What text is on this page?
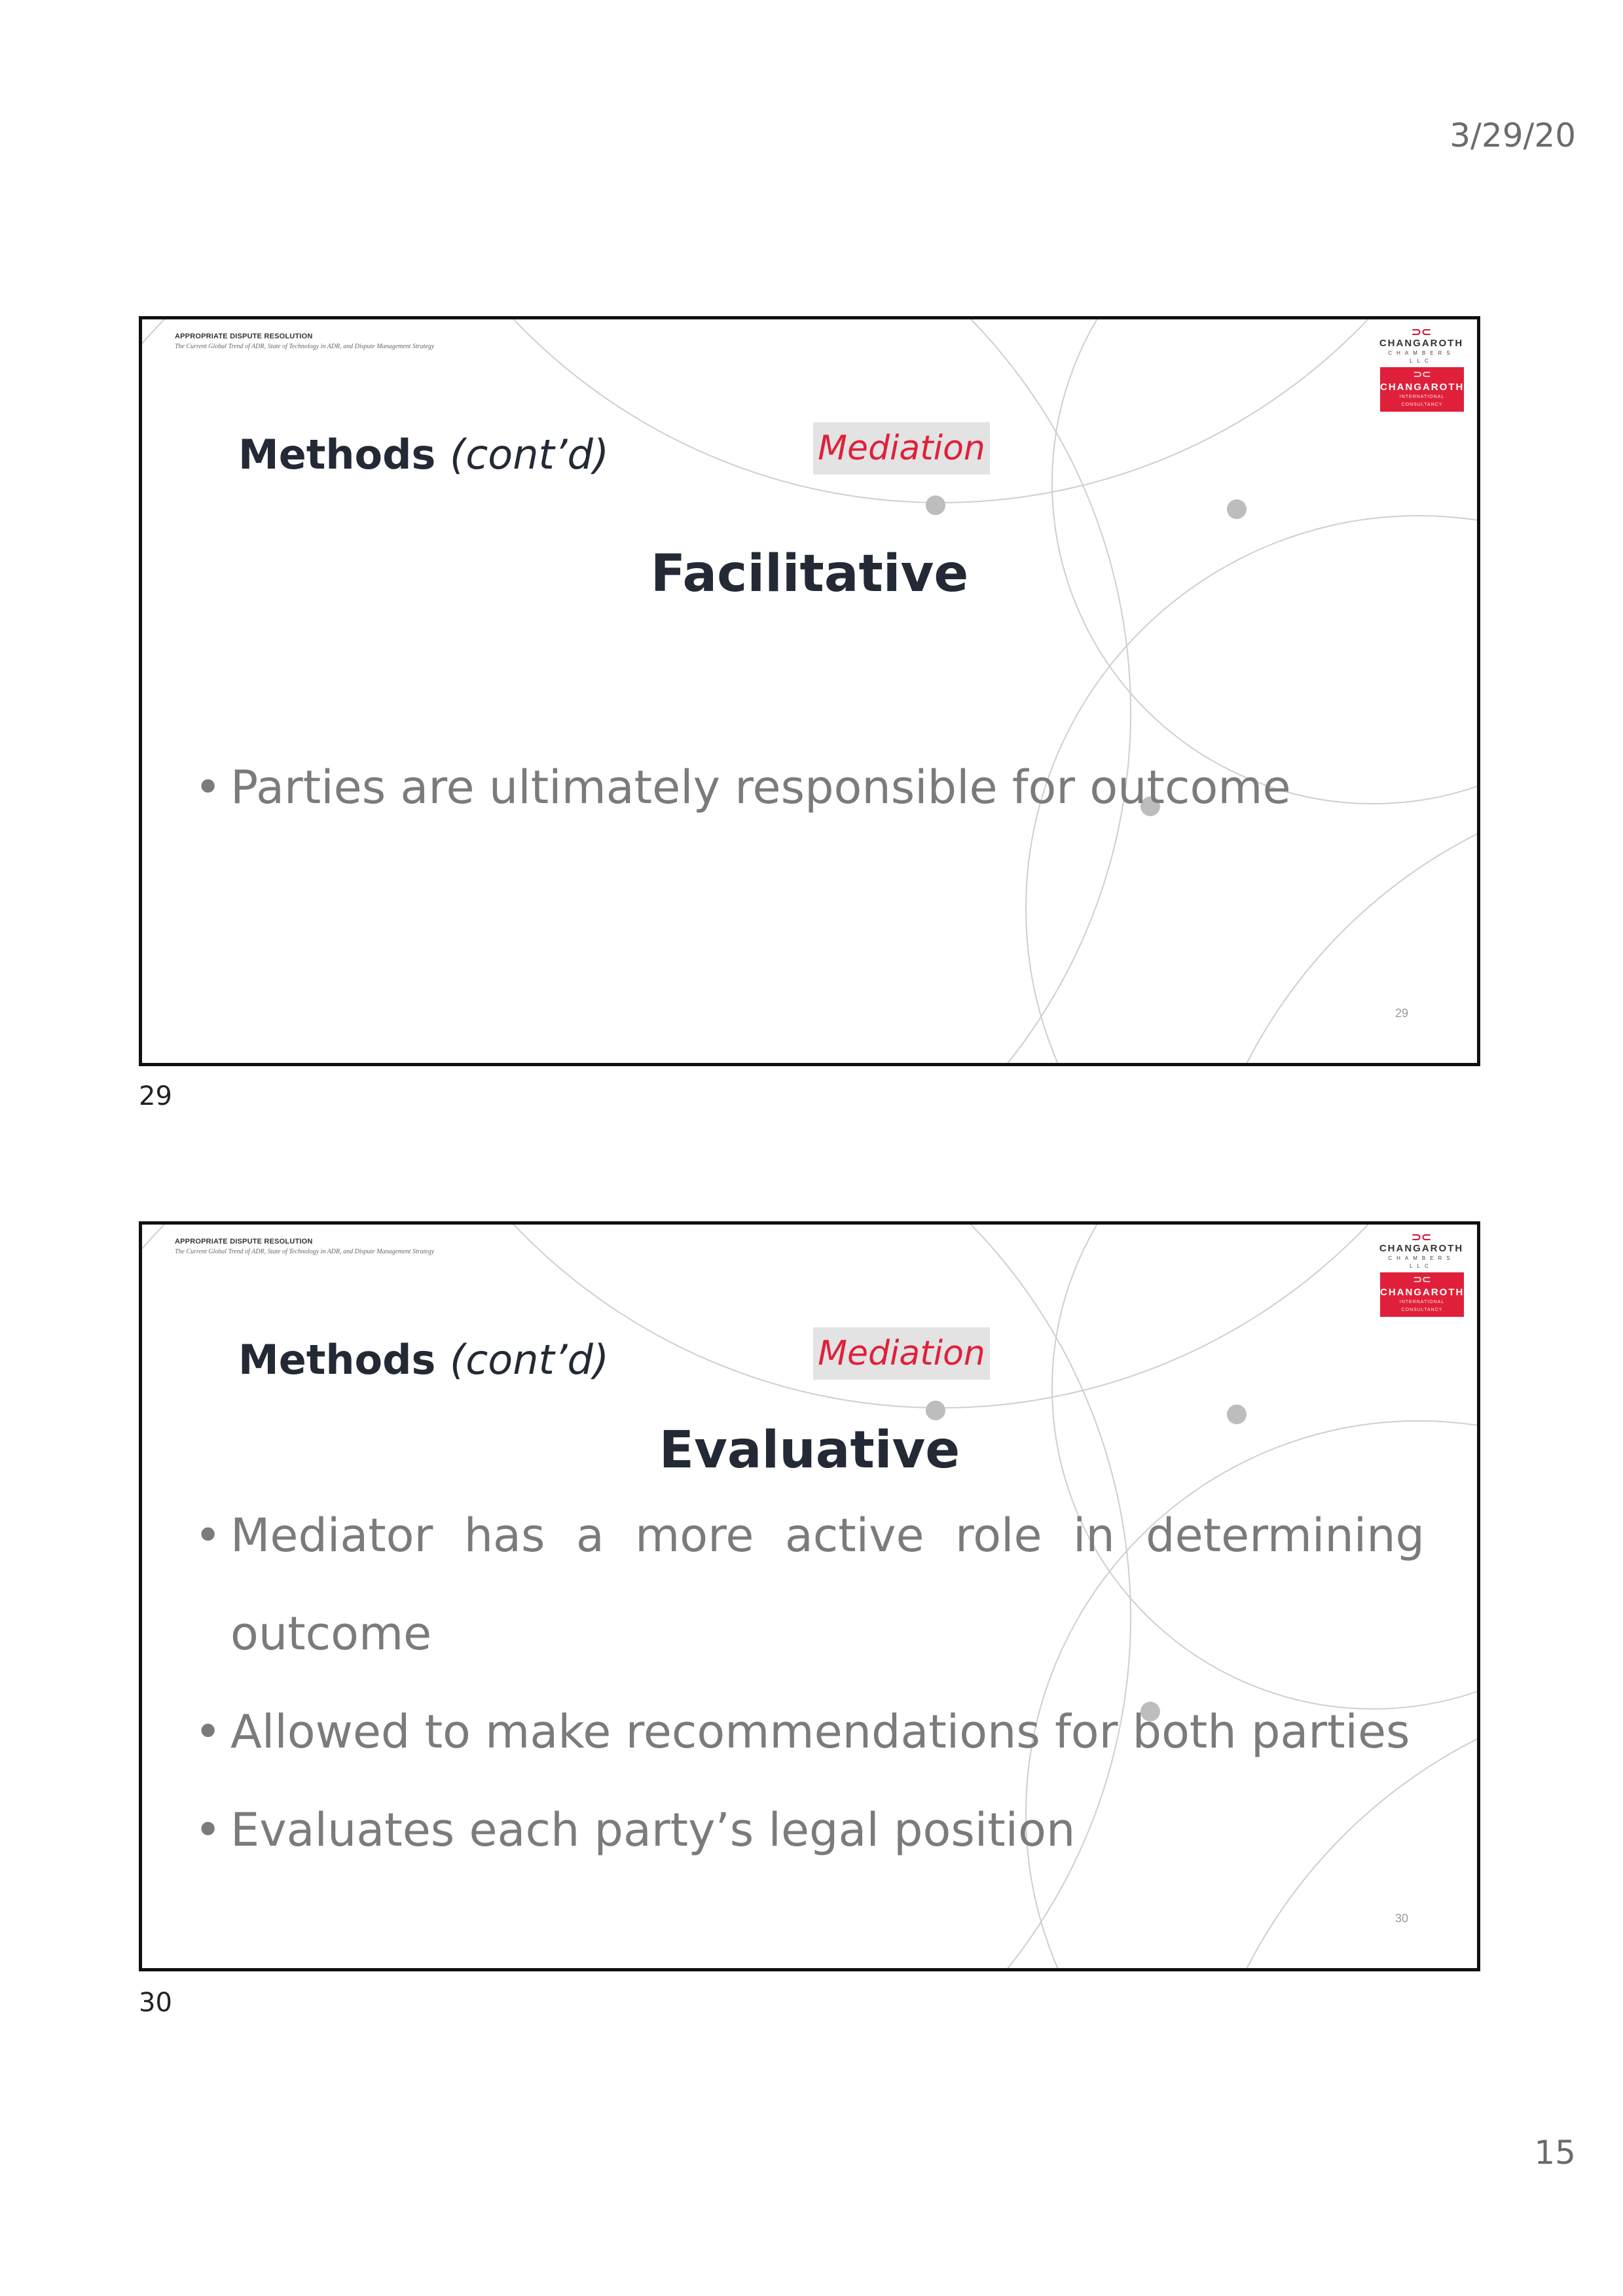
3/29/20
APPROPRIATE DISPUTE RESOLUTION
The Current Global Trend of ADR, State of Technology in ADR, and Dispute Management Strategy
⊃⊂
CHANGAROTH
CHAMBERS LLC
⊃⊂
CHANGAROTH
INTERNATIONAL CONSULTANCY
Methods (cont’d)	Mediation
Facilitative
• Parties are ultimately responsible for outcome
29
29
APPROPRIATE DISPUTE RESOLUTION
The Current Global Trend of ADR, State of Technology in ADR, and Dispute Management Strategy
⊃⊂
CHANGAROTH
CHAMBERS LLC
⊃⊂
CHANGAROTH
INTERNATIONAL CONSULTANCY
Methods (cont’d)	Mediation
Evaluative
• Mediator has a more active role in determining outcome
• Allowed to make recommendations for both parties
• Evaluates each party’s legal position
30
30
15
